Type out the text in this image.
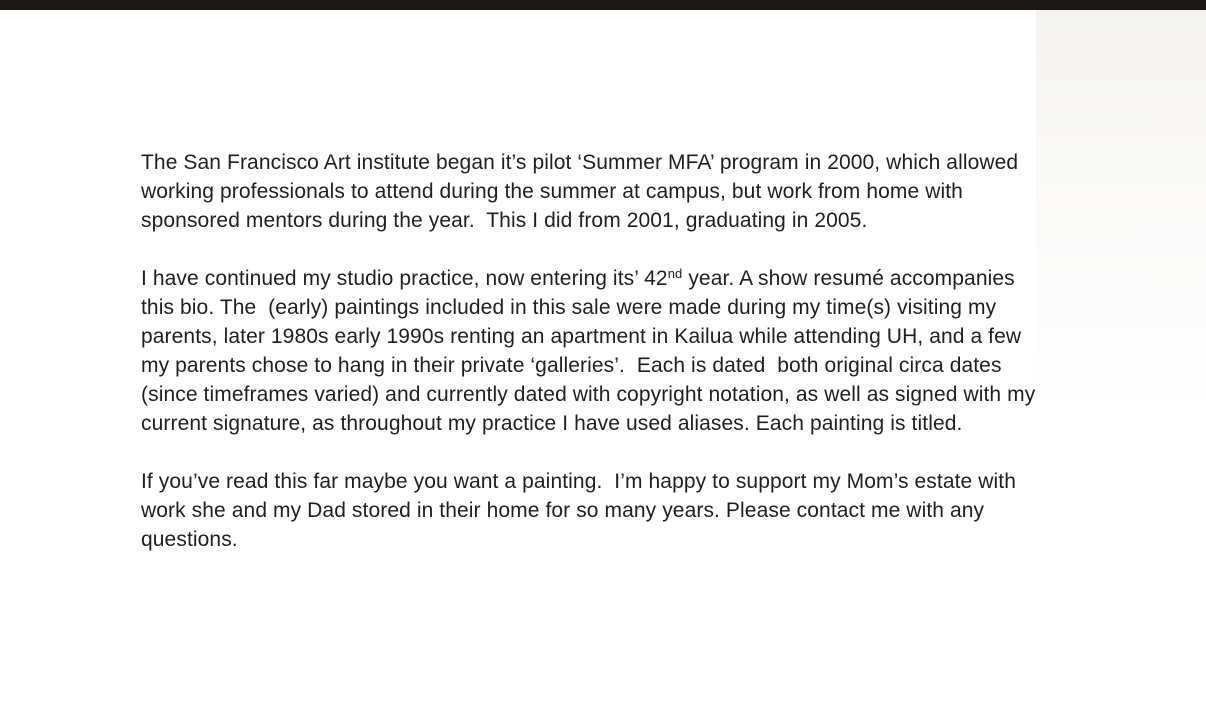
The San Francisco Art institute began it’s pilot ‘Summer MFA’ program in 2000, which allowed
working professionals to attend during the summer at campus, but work from home with
sponsored mentors during the year.  This I did from 2001, graduating in 2005.

I have continued my studio practice, now entering its’ 42nd year. A show resumé accompanies
this bio. The  (early) paintings included in this sale were made during my time(s) visiting my
parents, later 1980s early 1990s renting an apartment in Kailua while attending UH, and a few
my parents chose to hang in their private ‘galleries’.  Each is dated  both original circa dates
(since timeframes varied) and currently dated with copyright notation, as well as signed with my
current signature, as throughout my practice I have used aliases. Each painting is titled.

If you’ve read this far maybe you want a painting.  I’m happy to support my Mom’s estate with
work she and my Dad stored in their home for so many years. Please contact me with any
questions.
